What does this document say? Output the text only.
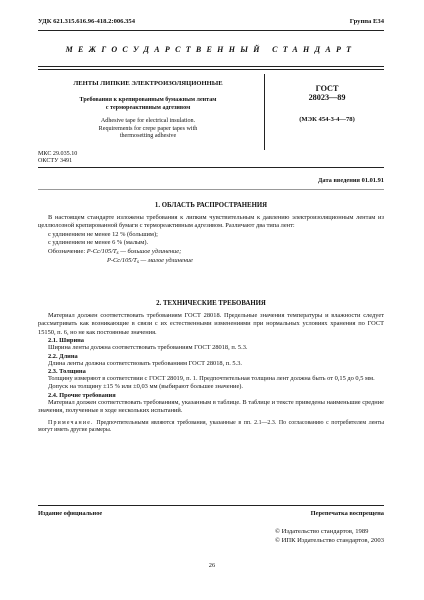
УДК 621.315.616.96-418.2:006.354	Группа Е34
МЕЖГОСУДАРСТВЕННЫЙ СТАНДАРТ
ЛЕНТЫ ЛИПКИЕ ЭЛЕКТРОИЗОЛЯЦИОННЫЕ
Требования к крепированным бумажным лентам
с термореактивным адгезивом
Adhesive tape for electrical insulation.
Requirements for crepe paper tapes with
thermosetting adhesive
ГОСТ
28023—89
(МЭК 454-3-4—78)
МКС 29.035.10
ОКСТУ 3491
Дата введения 01.01.91
1. ОБЛАСТЬ РАСПРОСТРАНЕНИЯ

В настоящем стандарте изложены требования к липким чувствительным к давлению электроизоляционным лентам из целлюлозной крепированной бумаги с термореактивным адгезивом. Различают два типа лент:

с удлинением не менее 12 % (большим);

с удлинением не менее 6 % (малым).

Обозначение: P-Cc/105/Ts — большое удлинение;

P-Cc/105/Ts — малое удлинение

2. ТЕХНИЧЕСКИЕ ТРЕБОВАНИЯ

Материал должен соответствовать требованиям ГОСТ 28018. Предельные значения температуры и влажности следует рассматривать как возникающие в связи с их естественными изменениями при нормальных условиях хранения по ГОСТ 15150, п. 6, но не как постоянные значения.

2.1. Ширина

Ширина ленты должна соответствовать требованиям ГОСТ 28018, п. 5.3.

2.2. Длина

Длина ленты должна соответствовать требованиям ГОСТ 28018, п. 5.3.

2.3. Толщина

Толщину измеряют в соответствии с ГОСТ 28019, п. 1. Предпочтительная толщина лент должна быть от 0,15 до 0,5 мм.

Допуск на толщину ±15 % или ±0,03 мм (выбирают большее значение).

2.4. Прочие требования

Материал должен соответствовать требованиям, указанным в таблице. В таблице и тексте приведены наименьшие средние значения, полученные в ходе нескольких испытаний.

Примечание. Предпочтительными являются требования, указанные в пп. 2.1—2.3. По согласованию с потребителем ленты могут иметь другие размеры.

Издание официальное	Перепечатка воспрещена
© Издательство стандартов, 1989
© ИПК Издательство стандартов, 2003
26
